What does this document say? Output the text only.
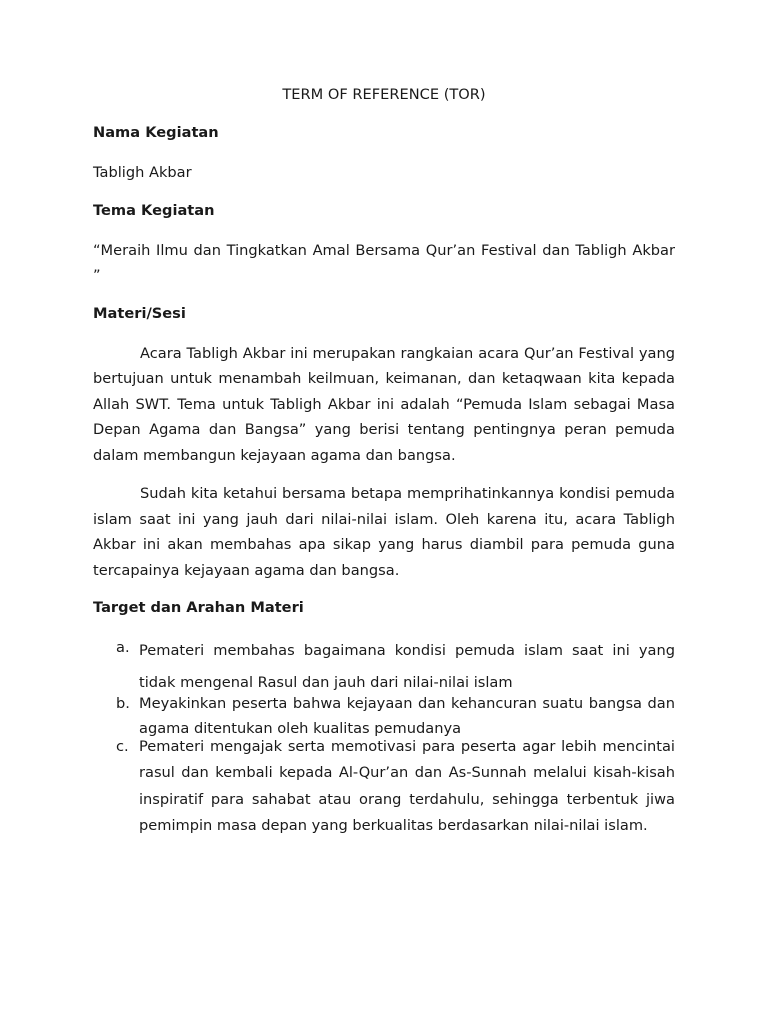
TERM OF REFERENCE (TOR)

Nama Kegiatan

Tabligh Akbar

Tema Kegiatan

“Meraih Ilmu dan Tingkatkan Amal Bersama Qur’an Festival dan Tabligh Akbar ”

Materi/Sesi

Acara Tabligh Akbar ini merupakan rangkaian acara Qur’an Festival yang bertujuan untuk menambah keilmuan, keimanan, dan ketaqwaan kita kepada Allah SWT. Tema untuk Tabligh Akbar ini adalah “Pemuda Islam sebagai Masa Depan Agama dan Bangsa” yang berisi tentang pentingnya peran pemuda dalam membangun kejayaan agama dan bangsa.

Sudah kita ketahui bersama betapa memprihatinkannya kondisi pemuda islam saat ini yang jauh dari nilai-nilai islam. Oleh karena itu, acara Tabligh Akbar ini akan membahas apa sikap yang harus diambil para pemuda guna tercapainya kejayaan agama dan bangsa.

Target dan Arahan Materi

a. Pemateri membahas bagaimana kondisi pemuda islam saat ini yang tidak mengenal Rasul dan jauh dari nilai-nilai islam
b. Meyakinkan peserta bahwa kejayaan dan kehancuran suatu bangsa dan agama ditentukan oleh kualitas pemudanya
c. Pemateri mengajak serta memotivasi para peserta agar lebih mencintai rasul dan kembali kepada Al-Qur’an dan As-Sunnah melalui kisah-kisah inspiratif para sahabat atau orang terdahulu, sehingga terbentuk jiwa pemimpin masa depan yang berkualitas berdasarkan nilai-nilai islam.
